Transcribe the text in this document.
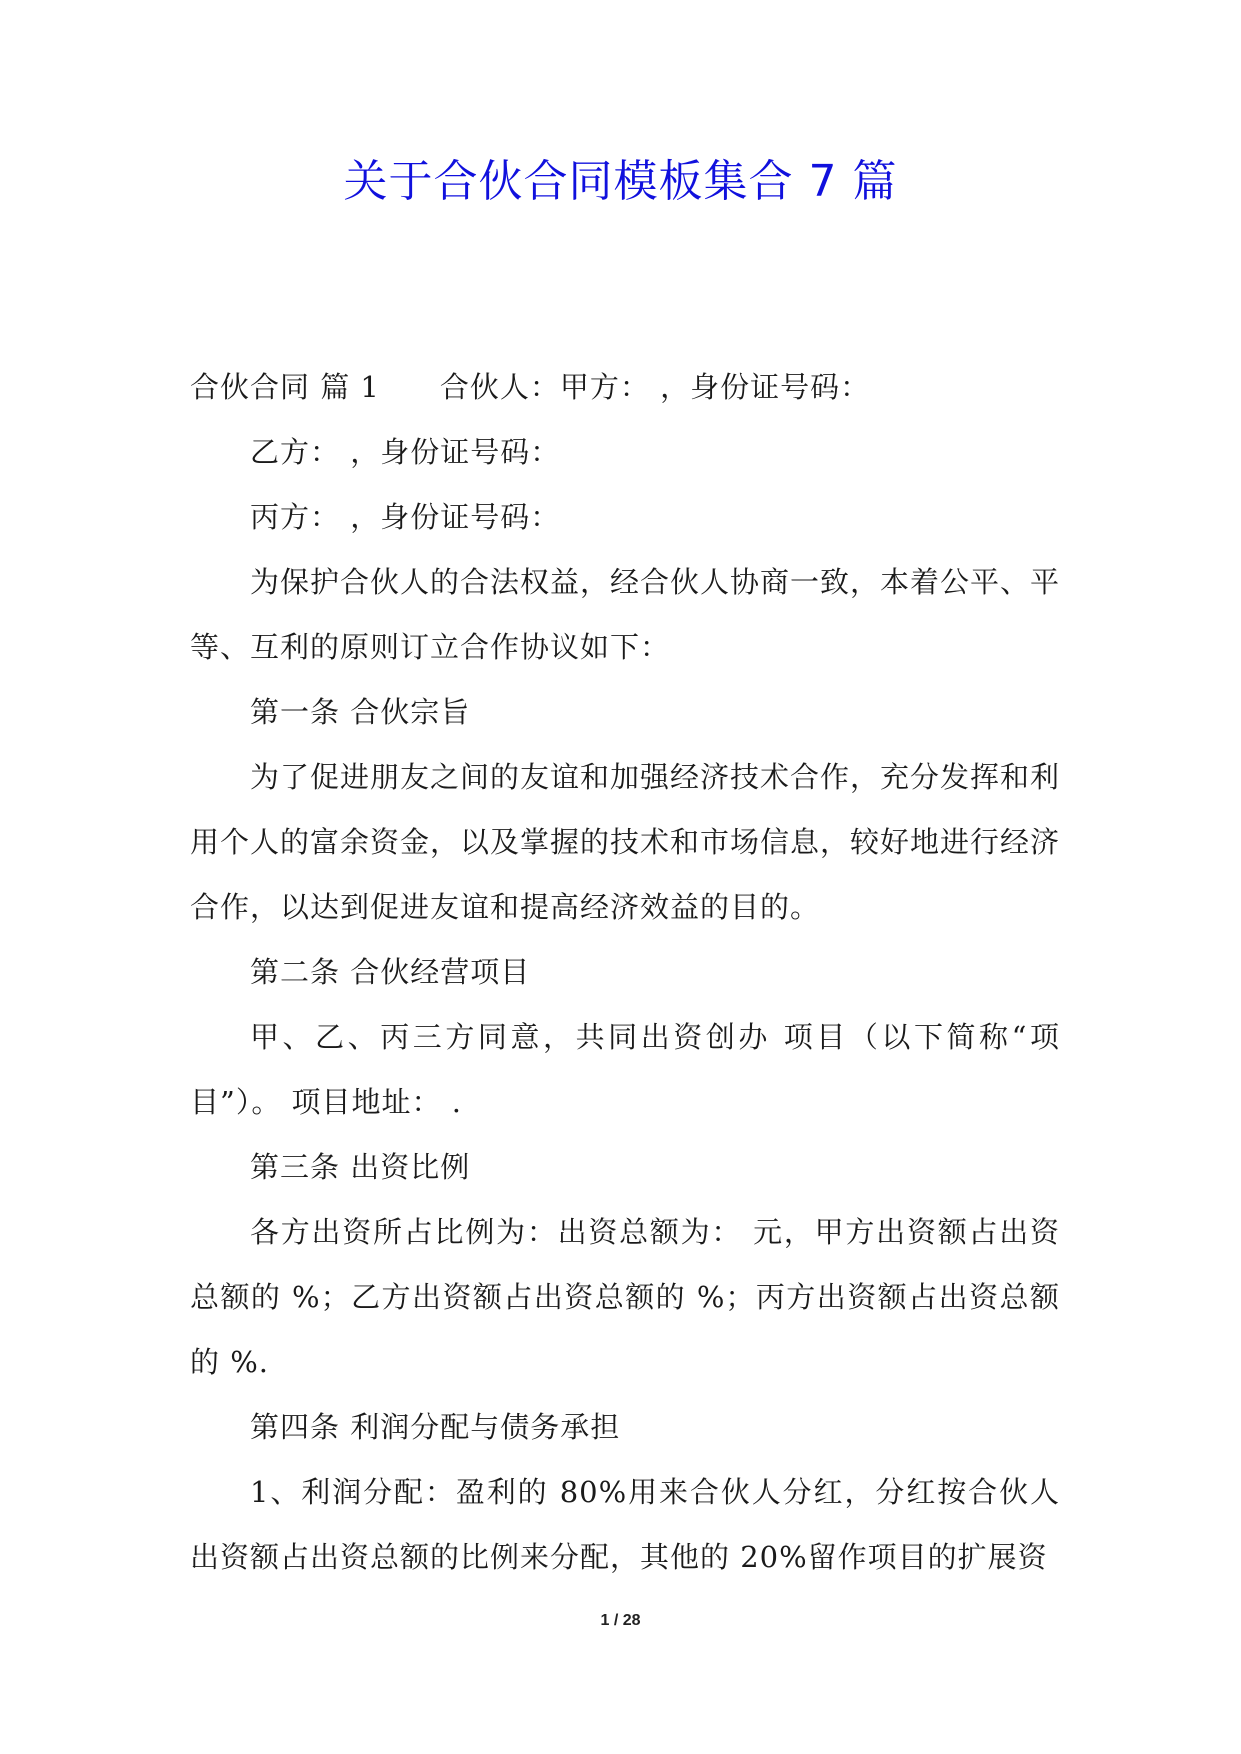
关于合伙合同模板集合 7 篇

合伙合同 篇 1 合伙人：甲方： ，身份证号码：

乙方： ，身份证号码：

丙方： ，身份证号码：

为保护合伙人的合法权益，经合伙人协商一致，本着公平、平等、互利的原则订立合作协议如下：

第一条 合伙宗旨

为了促进朋友之间的友谊和加强经济技术合作，充分发挥和利用个人的富余资金，以及掌握的技术和市场信息，较好地进行经济合作，以达到促进友谊和提高经济效益的目的。

第二条 合伙经营项目

甲、乙、丙三方同意，共同出资创办 项目（以下简称“项目”）。 项目地址： .

第三条 出资比例

各方出资所占比例为：出资总额为： 元，甲方出资额占出资总额的 %；乙方出资额占出资总额的 %；丙方出资额占出资总额的 %.

第四条 利润分配与债务承担

1、利润分配：盈利的 80%用来合伙人分红，分红按合伙人出资额占出资总额的比例来分配，其他的 20%留作项目的扩展资

1 / 28
